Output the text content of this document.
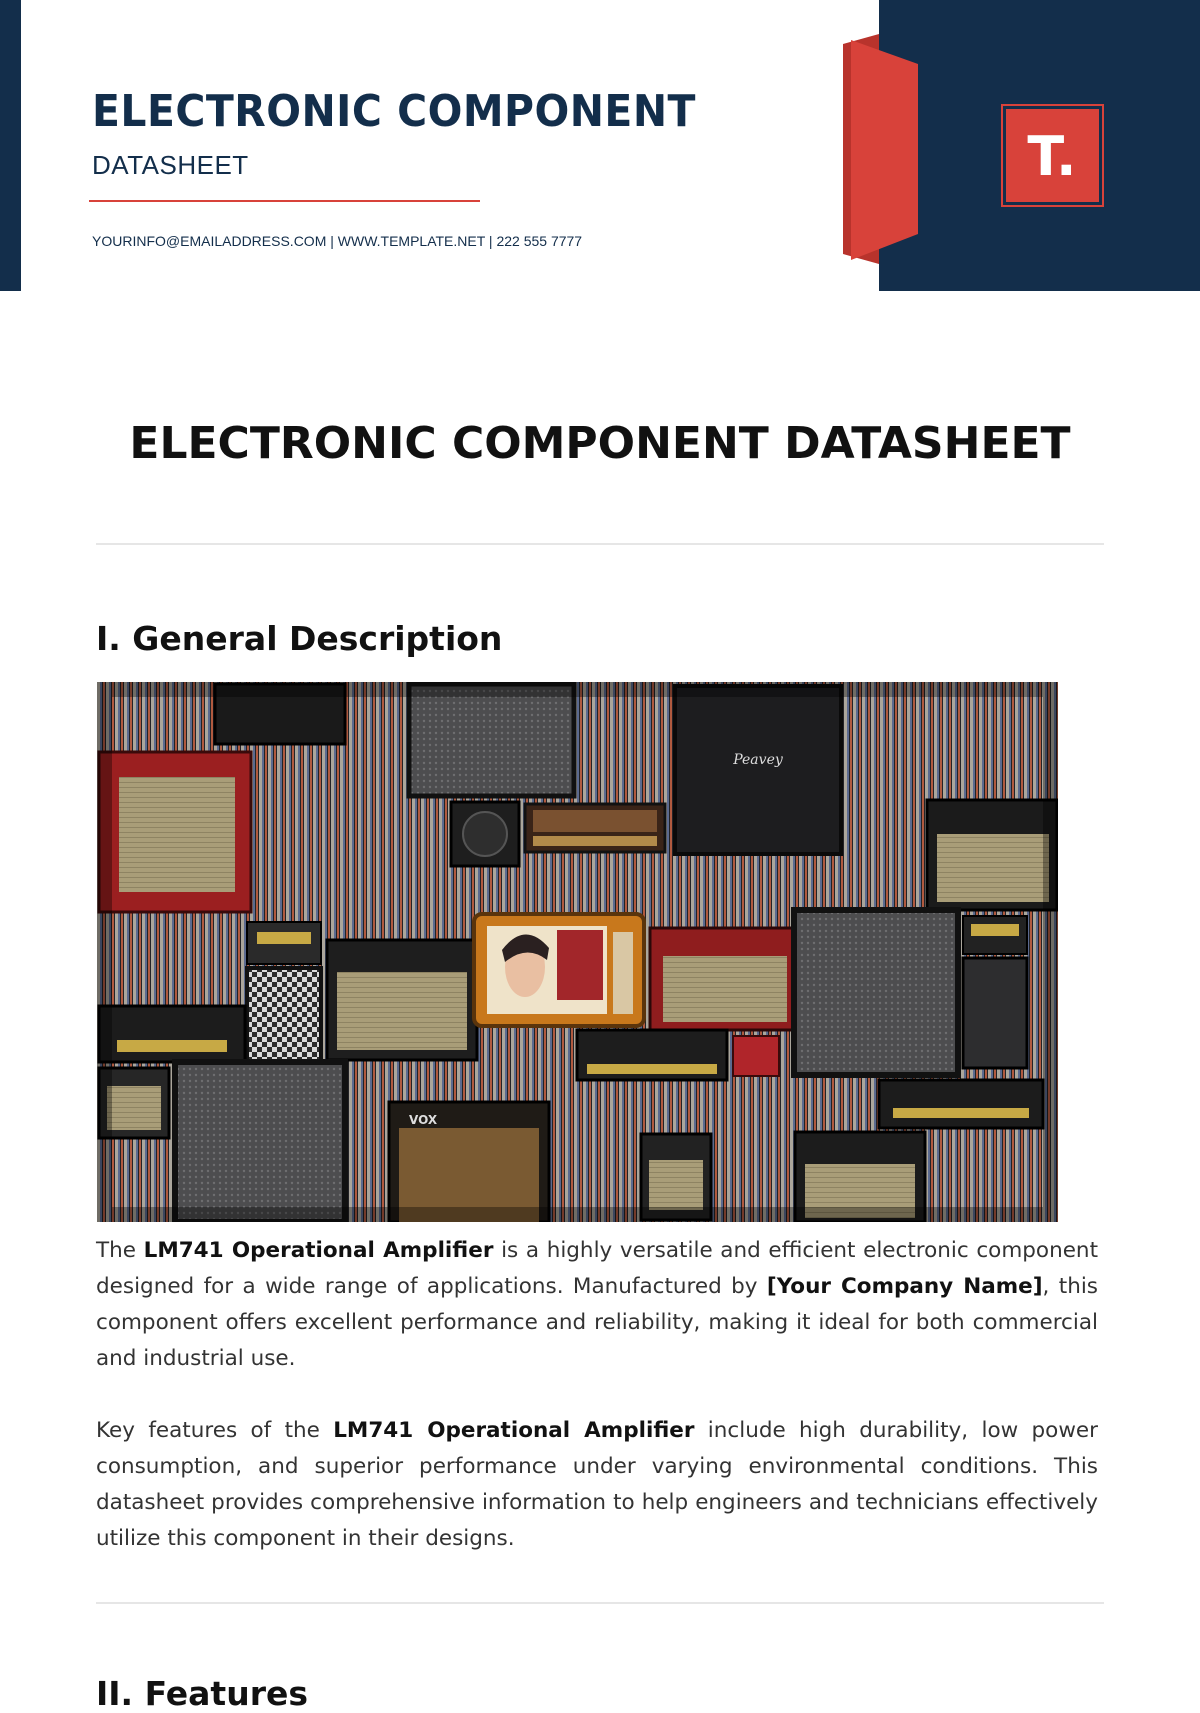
ELECTRONIC COMPONENT
DATASHEET
YOURINFO@EMAILADDRESS.COM | WWW.TEMPLATE.NET | 222 555 7777
T.
ELECTRONIC COMPONENT DATASHEET
I. General Description
Peavey
VOX

The LM741 Operational Amplifier is a highly versatile and efficient electronic component designed for a wide range of applications. Manufactured by [Your Company Name], this component offers excellent performance and reliability, making it ideal for both commercial and industrial use.

Key features of the LM741 Operational Amplifier include high durability, low power consumption, and superior performance under varying environmental conditions. This datasheet provides comprehensive information to help engineers and technicians effectively utilize this component in their designs.

II. Features
